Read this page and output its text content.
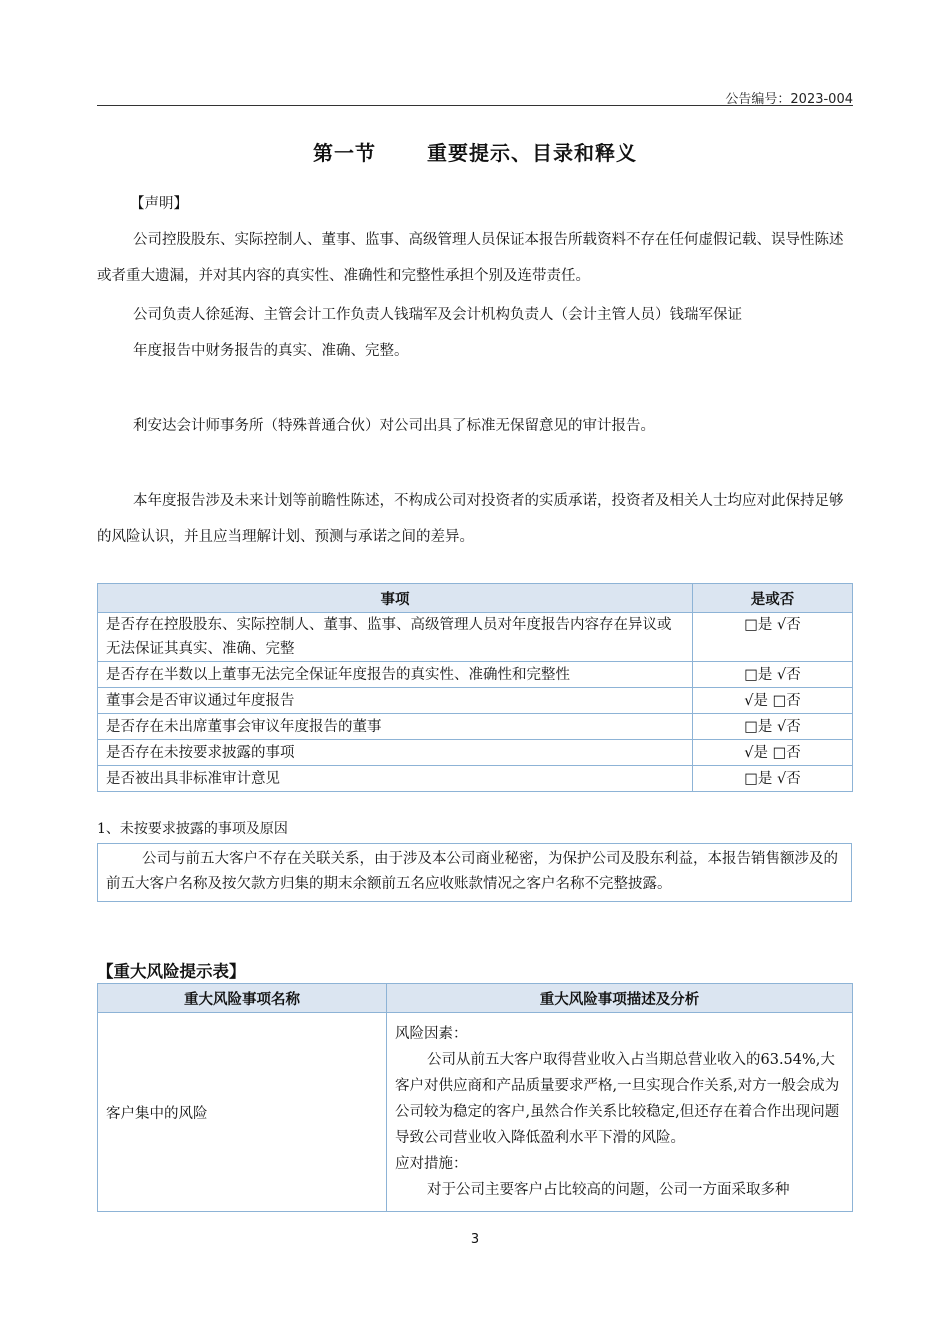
公告编号：2023-004
第一节　 重要提示、目录和释义
【声明】
公司控股股东、实际控制人、董事、监事、高级管理人员保证本报告所载资料不存在任何虚假记载、误导性陈述或者重大遗漏，并对其内容的真实性、准确性和完整性承担个别及连带责任。
公司负责人徐延海、主管会计工作负责人钱瑞军及会计机构负责人（会计主管人员）钱瑞军保证
年度报告中财务报告的真实、准确、完整。
利安达会计师事务所（特殊普通合伙）对公司出具了标准无保留意见的审计报告。
本年度报告涉及未来计划等前瞻性陈述，不构成公司对投资者的实质承诺，投资者及相关人士均应对此保持足够的风险认识，并且应当理解计划、预测与承诺之间的差异。
事项	是或否
是否存在控股股东、实际控制人、董事、监事、高级管理人员对年度报告内容存在异议或无法保证其真实、准确、完整	□是 √否
是否存在半数以上董事无法完全保证年度报告的真实性、准确性和完整性	□是 √否
董事会是否审议通过年度报告	√是 □否
是否存在未出席董事会审议年度报告的董事	□是 √否
是否存在未按要求披露的事项	√是 □否
是否被出具非标准审计意见	□是 √否
1、未按要求披露的事项及原因
公司与前五大客户不存在关联关系，由于涉及本公司商业秘密，为保护公司及股东利益，本报告销售额涉及的前五大客户名称及按欠款方归集的期末余额前五名应收账款情况之客户名称不完整披露。
【重大风险提示表】
重大风险事项名称	重大风险事项描述及分析
客户集中的风险	风险因素：
公司从前五大客户取得营业收入占当期总营业收入的63.54%,大客户对供应商和产品质量要求严格,一旦实现合作关系,对方一般会成为公司较为稳定的客户,虽然合作关系比较稳定,但还存在着合作出现问题导致公司营业收入降低盈利水平下滑的风险。
应对措施：
对于公司主要客户占比较高的问题，公司一方面采取多种
3
